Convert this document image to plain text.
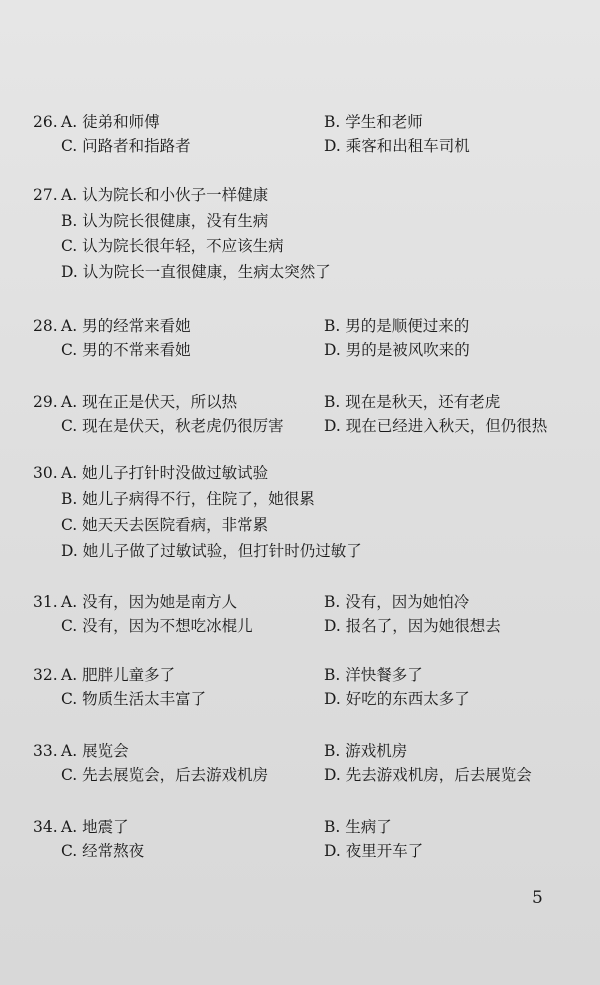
26. A. 徒弟和师傅	B. 学生和老师
C. 问路者和指路者	D. 乘客和出租车司机
27. A. 认为院长和小伙子一样健康
B. 认为院长很健康，没有生病
C. 认为院长很年轻，不应该生病
D. 认为院长一直很健康，生病太突然了
28. A. 男的经常来看她	B. 男的是顺便过来的
C. 男的不常来看她	D. 男的是被风吹来的
29. A. 现在正是伏天，所以热	B. 现在是秋天，还有老虎
C. 现在是伏天，秋老虎仍很厉害	D. 现在已经进入秋天，但仍很热
30. A. 她儿子打针时没做过敏试验
B. 她儿子病得不行，住院了，她很累
C. 她天天去医院看病，非常累
D. 她儿子做了过敏试验，但打针时仍过敏了
31. A. 没有，因为她是南方人	B. 没有，因为她怕冷
C. 没有，因为不想吃冰棍儿	D. 报名了，因为她很想去
32. A. 肥胖儿童多了	B. 洋快餐多了
C. 物质生活太丰富了	D. 好吃的东西太多了
33. A. 展览会	B. 游戏机房
C. 先去展览会，后去游戏机房	D. 先去游戏机房，后去展览会
34. A. 地震了	B. 生病了
C. 经常熬夜	D. 夜里开车了
5
